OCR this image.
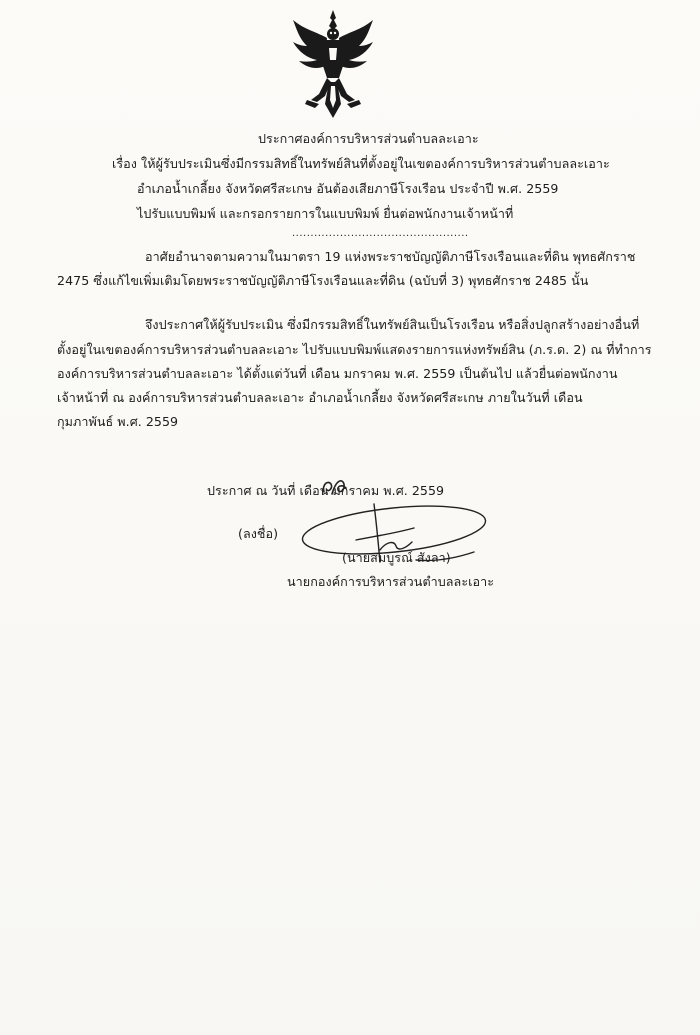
ประกาศองค์การบริหารส่วนตำบลละเอาะ
เรื่อง ให้ผู้รับประเมินซึ่งมีกรรมสิทธิ์ในทรัพย์สินที่ตั้งอยู่ในเขตองค์การบริหารส่วนตำบลละเอาะ
อำเภอน้ำเกลี้ยง จังหวัดศรีสะเกษ อันต้องเสียภาษีโรงเรือน ประจำปี พ.ศ. 2559
ไปรับแบบพิมพ์ และกรอกรายการในแบบพิมพ์ ยื่นต่อพนักงานเจ้าหน้าที่
................................................
อาศัยอำนาจตามความในมาตรา 19 แห่งพระราชบัญญัติภาษีโรงเรือนและที่ดิน พุทธศักราช
2475 ซึ่งแก้ไขเพิ่มเติมโดยพระราชบัญญัติภาษีโรงเรือนและที่ดิน (ฉบับที่ 3) พุทธศักราช 2485 นั้น
จึงประกาศให้ผู้รับประเมิน ซึ่งมีกรรมสิทธิ์ในทรัพย์สินเป็นโรงเรือน หรือสิ่งปลูกสร้างอย่างอื่นที่
ตั้งอยู่ในเขตองค์การบริหารส่วนตำบลละเอาะ ไปรับแบบพิมพ์แสดงรายการแห่งทรัพย์สิน (ภ.ร.ด. 2) ณ ที่ทำการ
องค์การบริหารส่วนตำบลละเอาะ ได้ตั้งแต่วันที่ เดือน มกราคม พ.ศ. 2559 เป็นต้นไป แล้วยื่นต่อพนักงาน
เจ้าหน้าที่ ณ องค์การบริหารส่วนตำบลละเอาะ อำเภอน้ำเกลี้ยง จังหวัดศรีสะเกษ ภายในวันที่ เดือน
กุมภาพันธ์ พ.ศ. 2559
ประกาศ ณ วันที่ เดือน มกราคม พ.ศ. 2559
(ลงชื่อ)
(นายสมบูรณ์ สังลา)
นายกองค์การบริหารส่วนตำบลละเอาะ
